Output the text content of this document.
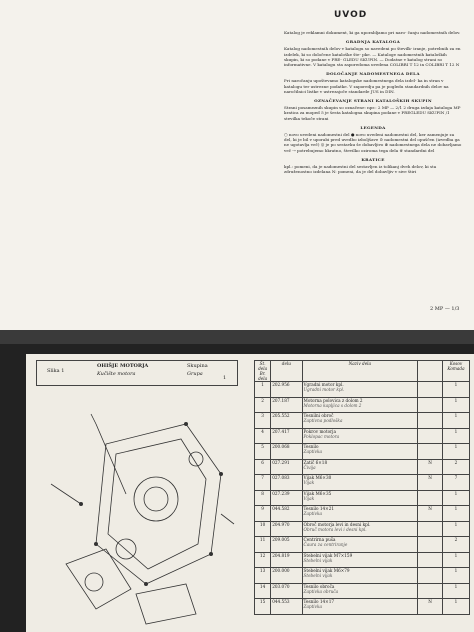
UVOD

Katalog je reklamni dokument, ki ga uporabljamo pri naro- čanju nadomestnih delov.

GRADNJA KATALOGA

Katalog nadomestnih delov v katalogu so navedeni po številk- iranje, potrebnih za en izdelek, ki so določene kataloške šte- pke. — Kataloge nadomestnih kataloških skupin, ki so podane v PRE- GLEDU SKUPIN. — Dodatne v katalog strani so informativne. V katalogu sta zaporedoma uvedena COLIBRI T 12 in COLIBRI T 12 N

DOLOČANJE NADOMESTNEGA DELA

Pri naročanju upoštevamo katalogske nadomestnega dela izdel- ka in stran v katalogu ter ustrezne podatke. V zaporedju pa je pogledu standardnih delov na naročilnici listke v ustrezajoče standarde JUS in DIN.

OZNAČEVANJE STRANI KATALOŠKIH SKUPIN

Strani posameznih skupin so označene: npr.: 2 MP — 2/1 2 druga izdaja kataloga MP kratica za moped 5 je šesta katalogna skupina podane v PREGLEDU SKUPIN /1 stevilka tekoče strani

LEGENDA

○ novo uvedeni nadomestni del ● novo uvedeni nadomestni del, ker zamenjuje za del, ki je bil v uporabi pred uvedbo izboljšave ⊙ nadomestni del opuščen (izvedba ga ne ugotavlja več) ◎ je po sestavku še dobavljivo ⊗ nadomestnega dela ne dobavljamo več ⇢ potrebujemo hkratno, številko oziroma tega dela ※ standardni del

KRATICE

kpl.: pomeni, da je nadomestni del sestavljen iz tolikanj dveh delov, ki sta združenostno izdelana N: pomeni, da je del dobavljiv v sive štiri

2 MP — 1/3
Slika 1
OHIŠJE MOTORJA
Kučište motora
Skupina
Grupa
1
Št. dela Br. dela	delu	Naziv dela		Kosov Komada
1	202.956	Vgradni motor kpl.
Ugradni motor kpl.		1
2	207.187	Motorna polovica z dolom 2
Motorna kapljica s dolom 2		1
3	205.552	Tesnilni obroč
Zaptivna podloška		1
4	207.417	Pokrov motorja
Poklopac motora		1
5	200.068	Tesnilo
Zaptivka		1
6	027.291	Zatič 6×18
Čivija	N	2
7	027.083	Vijak M6×30
Vijak	N	7
8	027.239	Vijak M6×35
Vijak		1
9	044.582	Tesnilo 14×21
Zaptivka	N	1
10	204.970	Obroč motorja levi in desni kpl.
Obruč motora levi i desni kpl.		1
11	209.005	Centrirna puša
Čaura za centriranje		2
12	204.819	Stebelni vijak M7×159
Stebelni vijak		1
13	200.000	Stebelni vijak M6×79
Stebelni vijak		1
14	203.070	Tesnilo obroča
Zaptivka obruča		1
15	044.553	Tesnilo 14×17
Zaptivka	N	1
